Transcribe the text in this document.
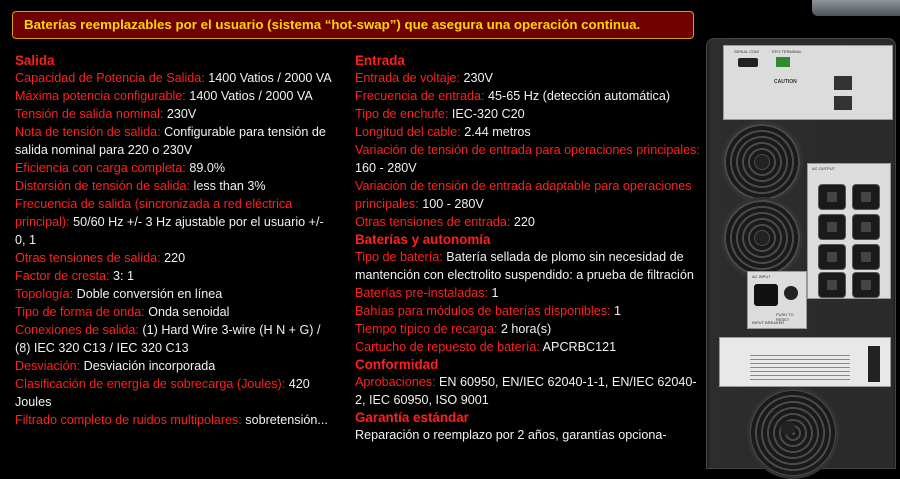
Baterías reemplazables por el usuario (sistema “hot-swap”) que asegura una operación continua.
Salida

Capacidad de Potencia de Salida: 1400 Vatios / 2000 VA

Máxima potencia configurable: 1400 Vatios / 2000 VA

Tensión de salida nominal: 230V

Nota de tensión de salida: Configurable para tensión de salida nominal para 220 o 230V

Eficiencia con carga completa: 89.0%

Distorsión de tensión de salida: less than 3%

Frecuencia de salida (sincronizada a red eléctrica principal): 50/60 Hz +/- 3 Hz ajustable por el usuario +/- 0, 1

Otras tensiones de salida: 220

Factor de cresta: 3: 1

Topología: Doble conversión en línea

Tipo de forma de onda: Onda senoidal

Conexiones de salida: (1) Hard Wire 3-wire (H N + G) / (8) IEC 320 C13 / IEC 320 C13

Desviación: Desviación incorporada

Clasificación de energía de sobrecarga (Joules): 420 Joules

Filtrado completo de ruidos multipolares: sobretensión...

Entrada

Entrada de voltaje: 230V

Frecuencia de entrada: 45-65 Hz (detección automática)

Tipo de enchufe: IEC-320 C20

Longitud del cable: 2.44 metros

Variación de tensión de entrada para operaciones principales: 160 - 280V

Variación de tensión de entrada adaptable para operaciones principales: 100 - 280V

Otras tensiones de entrada: 220

Baterías y autonomía

Tipo de batería: Batería sellada de plomo sin necesidad de mantención con electrolito suspendido: a prueba de filtración

Baterías pre-instaladas: 1

Bahías para módulos de baterías disponibles: 1

Tiempo típico de recarga: 2 hora(s)

Cartucho de repuesto de batería: APCRBC121

Conformidad

Aprobaciones: EN 60950, EN/IEC 62040-1-1, EN/IEC 62040-2, IEC 60950, ISO 9001

Garantía estándar

Reparación o reemplazo por 2 años, garantías opciona-

SERIAL COM	EPO TERMINAL
CAUTION
AC OUTPUT
AC INPUT
PUSH TO RESET
INPUT BREAKER
